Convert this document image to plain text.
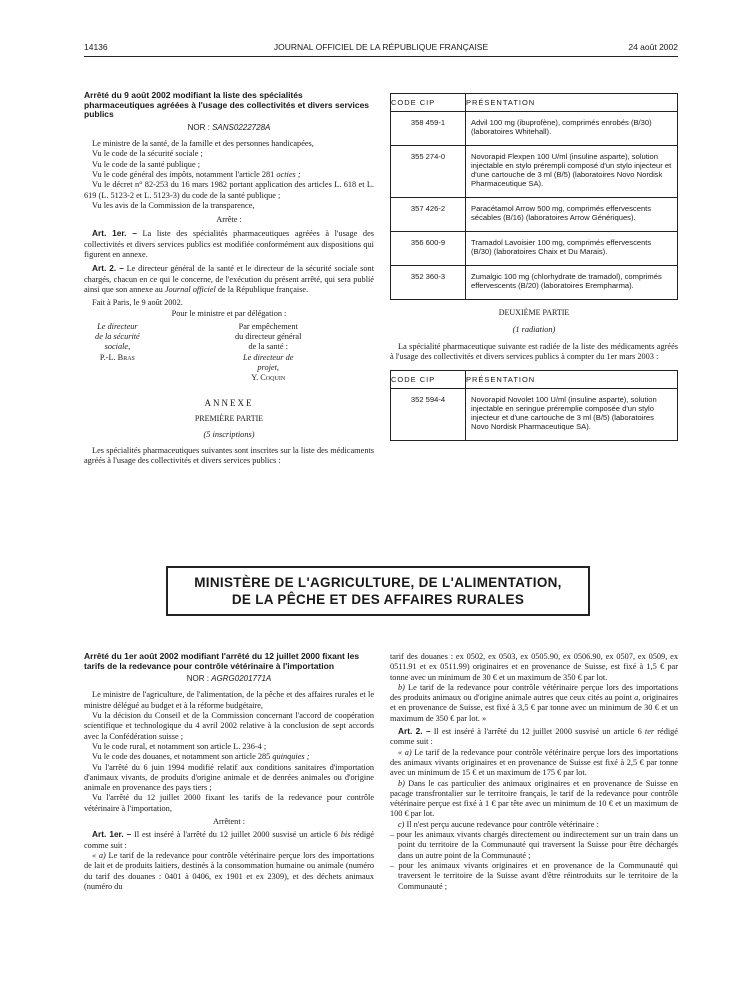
14136	JOURNAL OFFICIEL DE LA RÉPUBLIQUE FRANÇAISE	24 août 2002
Arrêté du 9 août 2002 modifiant la liste des spécialités pharmaceutiques agréées à l'usage des collectivités et divers services publics
NOR : SANS0222728A

Le ministre de la santé, de la famille et des personnes handicapées,

Vu le code de la sécurité sociale ;

Vu le code de la santé publique ;

Vu le code général des impôts, notamment l'article 281 octies ;

Vu le décret n° 82-253 du 16 mars 1982 portant application des articles L. 618 et L. 619 (L. 5123-2 et L. 5123-3) du code de la santé publique ;

Vu les avis de la Commission de la transparence,

Arrête :

Art. 1er. – La liste des spécialités pharmaceutiques agréées à l'usage des collectivités et divers services publics est modifiée conformément aux dispositions qui figurent en annexe.

Art. 2. – Le directeur général de la santé et le directeur de la sécurité sociale sont chargés, chacun en ce qui le concerne, de l'exécution du présent arrêté, qui sera publié ainsi que son annexe au Journal officiel de la République française.

Fait à Paris, le 9 août 2002.

Pour le ministre et par délégation :

Le directeur
de la sécurité sociale,
P.-L. Bras
Par empêchement
du directeur général de la santé :
Le directeur de projet,
Y. Coquin
ANNEXE
PREMIÈRE PARTIE
(5 inscriptions)

Les spécialités pharmaceutiques suivantes sont inscrites sur la liste des médicaments agréés à l'usage des collectivités et divers services publics :

CODE CIP	PRÉSENTATION
358 459-1	Advil 100 mg (ibuprofène), comprimés enrobés (B/30) (laboratoires Whitehall).
355 274-0	Novorapid Flexpen 100 U/ml (insuline asparte), solution injectable en stylo prérempli composé d'un stylo injecteur et d'une cartouche de 3 ml (B/5) (laboratoires Novo Nordisk Pharmaceutique SA).
357 426-2	Paracétamol Arrow 500 mg, comprimés effervescents sécables (B/16) (laboratoires Arrow Génériques).
356 600-9	Tramadol Lavoisier 100 mg, comprimés effervescents (B/30) (laboratoires Chaix et Du Marais).
352 360-3	Zumalgic 100 mg (chlorhydrate de tramadol), comprimés effervescents (B/20) (laboratoires Erempharma).
DEUXIÈME PARTIE
(1 radiation)

La spécialité pharmaceutique suivante est radiée de la liste des médicaments agréés à l'usage des collectivités et divers services publics à compter du 1er mars 2003 :

CODE CIP	PRÉSENTATION
352 594-4	Novorapid Novolet 100 U/ml (insuline asparte), solution injectable en seringue préremplie composée d'un stylo injecteur et d'une cartouche de 3 ml (B/5) (laboratoires Novo Nordisk Pharmaceutique SA).
MINISTÈRE DE L'AGRICULTURE, DE L'ALIMENTATION,
DE LA PÊCHE ET DES AFFAIRES RURALES
Arrêté du 1er août 2002 modifiant l'arrêté du 12 juillet 2000 fixant les tarifs de la redevance pour contrôle vétérinaire à l'importation
NOR : AGRG0201771A

Le ministre de l'agriculture, de l'alimentation, de la pêche et des affaires rurales et le ministre délégué au budget et à la réforme budgétaire,

Vu la décision du Conseil et de la Commission concernant l'accord de coopération scientifique et technologique du 4 avril 2002 relative à la conclusion de sept accords avec la Confédération suisse ;

Vu le code rural, et notamment son article L. 236-4 ;

Vu le code des douanes, et notamment son article 285 quinquies ;

Vu l'arrêté du 6 juin 1994 modifié relatif aux conditions sanitaires d'importation d'animaux vivants, de produits d'origine animale et de denrées animales ou d'origine animale en provenance des pays tiers ;

Vu l'arrêté du 12 juillet 2000 fixant les tarifs de la redevance pour contrôle vétérinaire à l'importation,

Arrêtent :

Art. 1er. – Il est inséré à l'arrêté du 12 juillet 2000 susvisé un article 6 bis rédigé comme suit :

« a) Le tarif de la redevance pour contrôle vétérinaire perçue lors des importations de lait et de produits laitiers, destinés à la consommation humaine ou animale (numéro du tarif des douanes : 0401 à 0406, ex 1901 et ex 2309), et des déchets animaux (numéro du

tarif des douanes : ex 0502, ex 0503, ex 0505.90, ex 0506.90, ex 0507, ex 0509, ex 0511.91 et ex 0511.99) originaires et en provenance de Suisse, est fixé à 1,5 € par tonne avec un minimum de 30 € et un maximum de 350 € par lot.

b) Le tarif de la redevance pour contrôle vétérinaire perçue lors des importations des produits animaux ou d'origine animale autres que ceux cités au point a, originaires et en provenance de Suisse, est fixé à 3,5 € par tonne avec un minimum de 30 € et un maximum de 350 € par lot. »

Art. 2. – Il est inséré à l'arrêté du 12 juillet 2000 susvisé un article 6 ter rédigé comme suit :

« a) Le tarif de la redevance pour contrôle vétérinaire perçue lors des importations des animaux vivants originaires et en provenance de Suisse est fixé à 2,5 € par tonne avec un minimum de 15 € et un maximum de 175 € par lot.

b) Dans le cas particulier des animaux originaires et en provenance de Suisse en pacage transfrontalier sur le territoire français, le tarif de la redevance pour contrôle vétérinaire perçue est fixé à 1 € par tête avec un minimum de 10 € et un maximum de 100 € par lot.

c) Il n'est perçu aucune redevance pour contrôle vétérinaire :

– pour les animaux vivants chargés directement ou indirectement sur un train dans un point du territoire de la Communauté qui traversent la Suisse pour être déchargés dans un autre point de la Communauté ;
– pour les animaux vivants originaires et en provenance de la Communauté qui traversent le territoire de la Suisse avant d'être réintroduits sur le territoire de la Communauté ;
